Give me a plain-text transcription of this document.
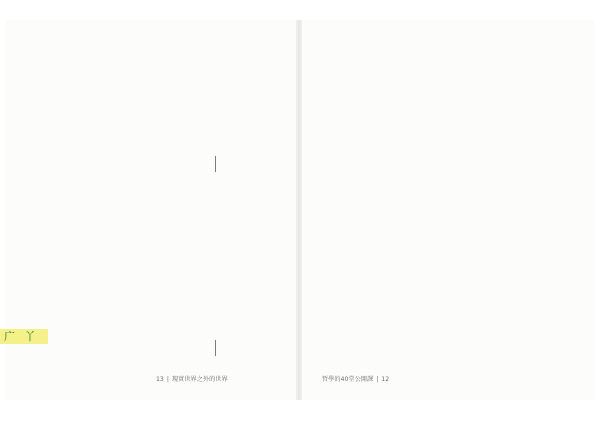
13 | 現實世界之外的世界	哲學的40堂公開課 | 12
广 丫
